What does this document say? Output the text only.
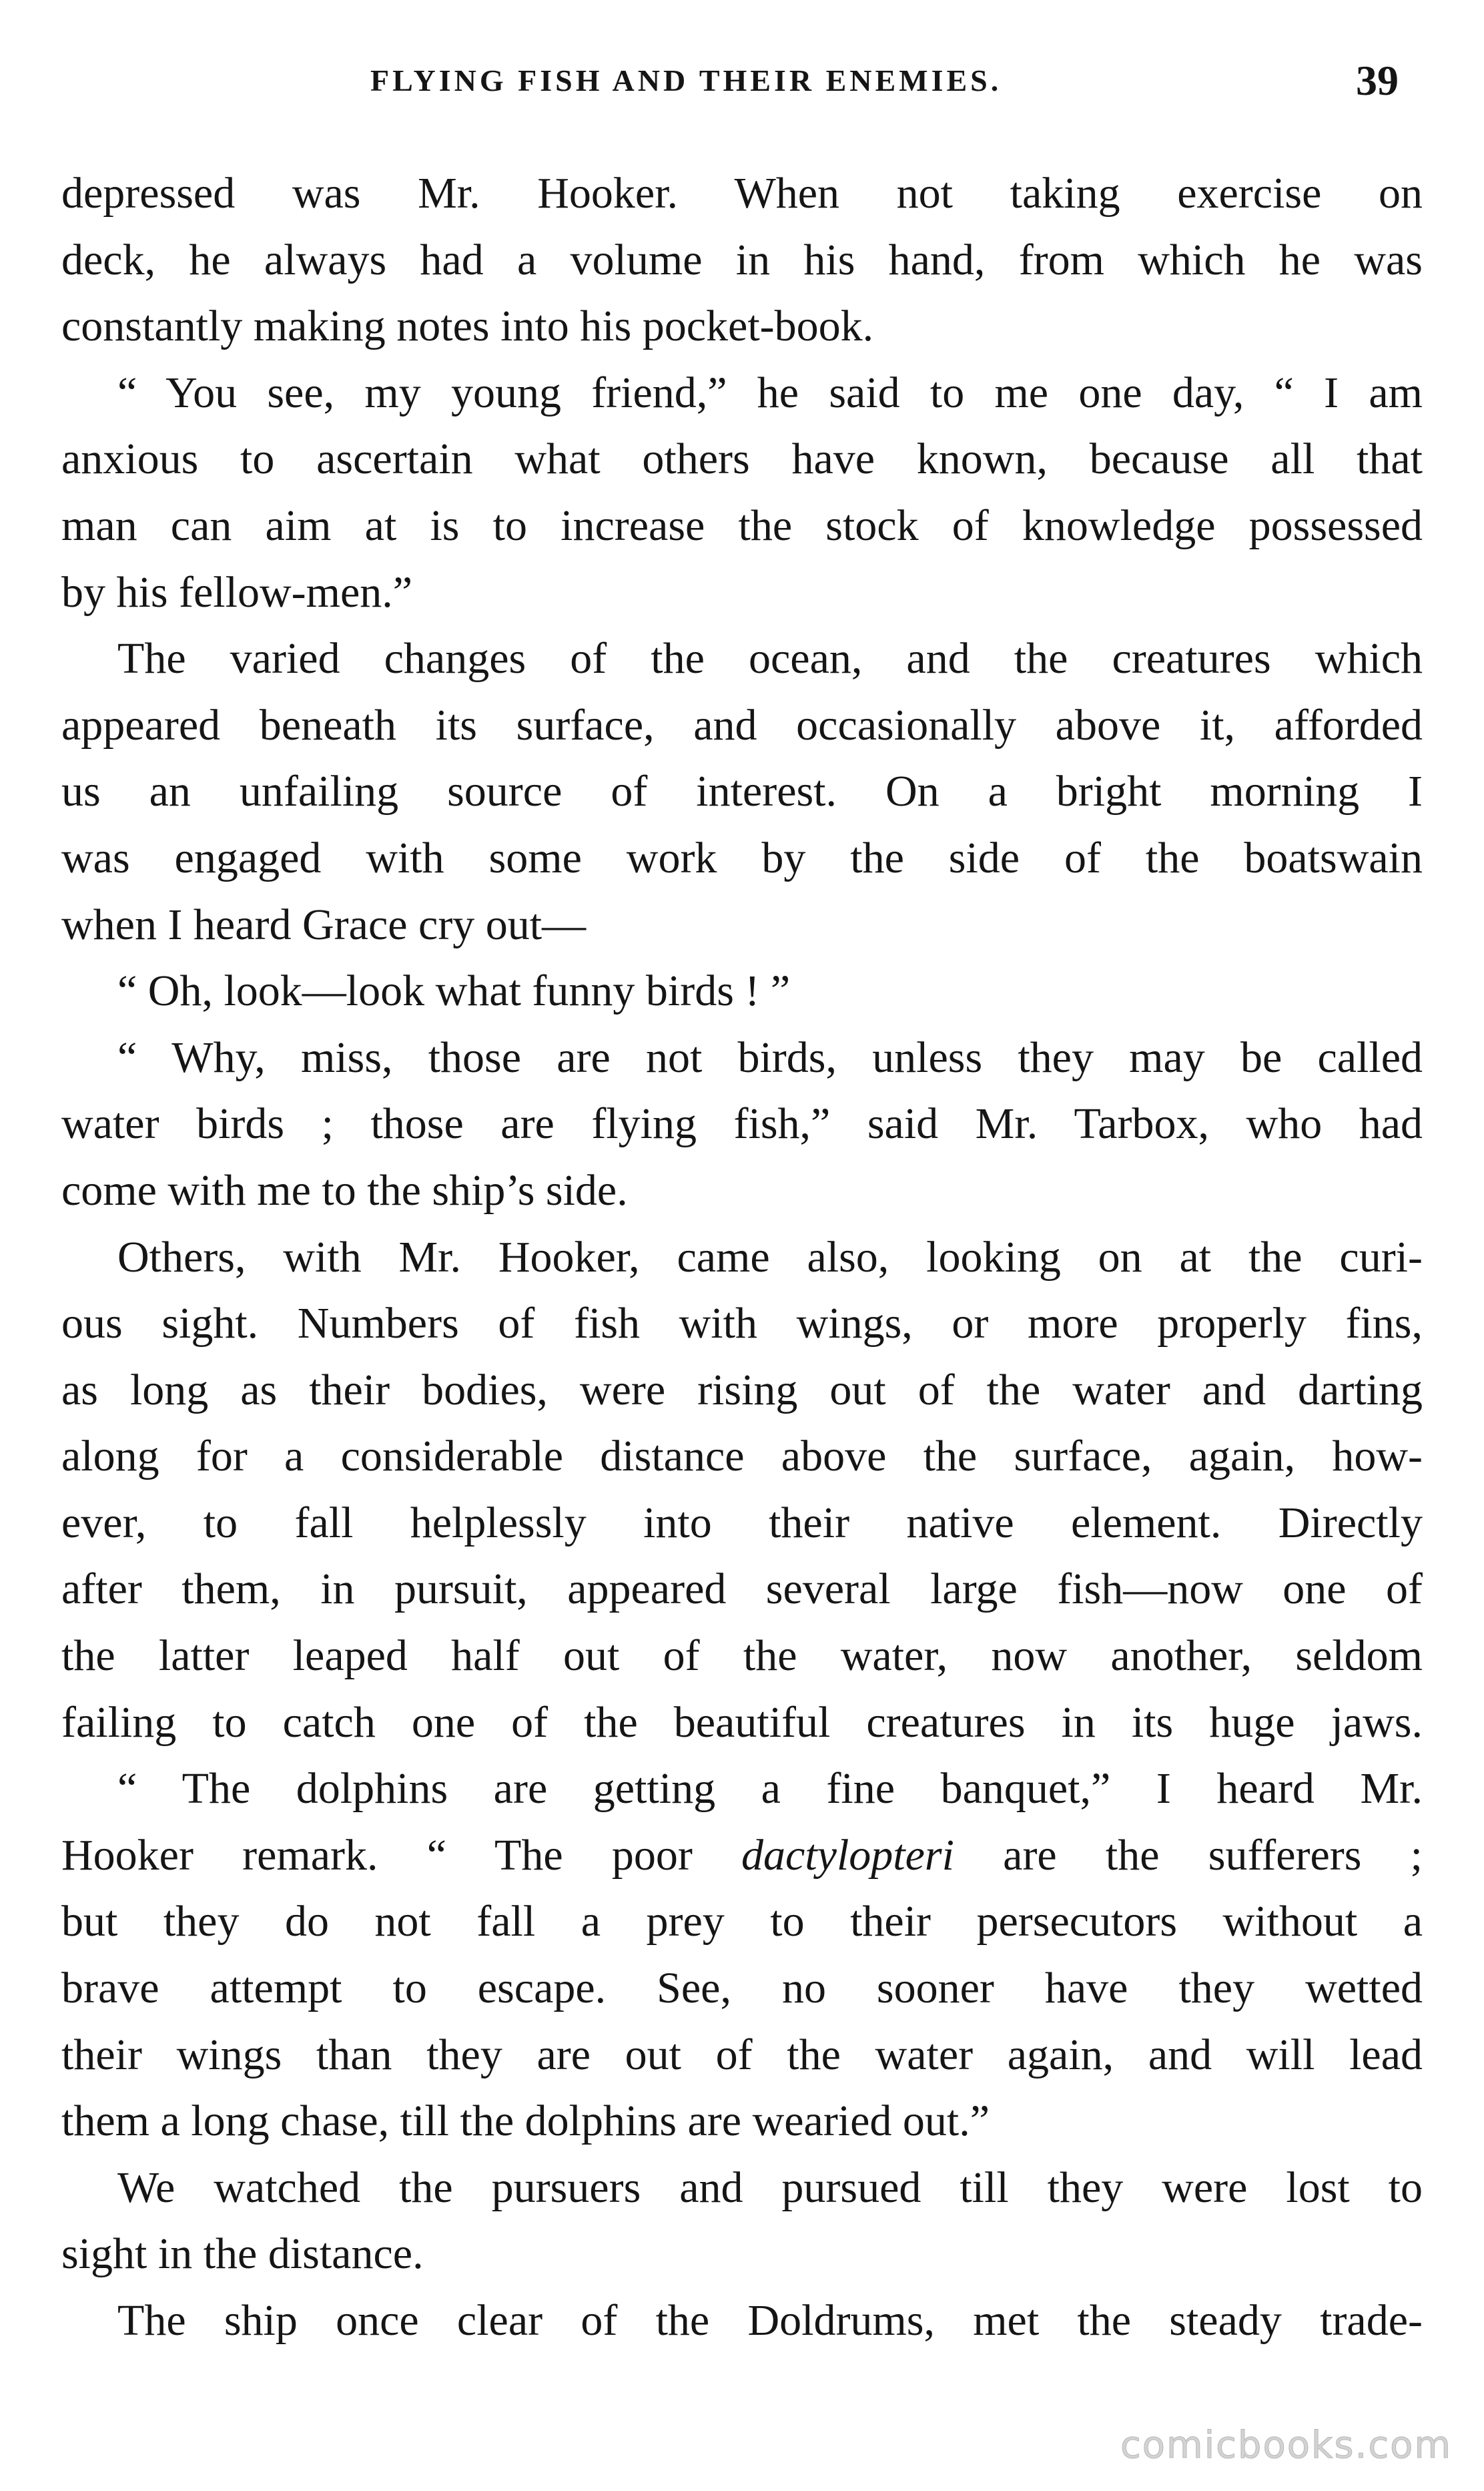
FLYING FISH AND THEIR ENEMIES.	39
depressed was Mr. Hooker. When not taking exercise on
deck, he always had a volume in his hand, from which he was
constantly making notes into his pocket-book.
“ You see, my young friend,” he said to me one day, “ I am
anxious to ascertain what others have known, because all that
man can aim at is to increase the stock of knowledge possessed
by his fellow-men.”
The varied changes of the ocean, and the creatures which
appeared beneath its surface, and occasionally above it, afforded
us an unfailing source of interest. On a bright morning I
was engaged with some work by the side of the boatswain
when I heard Grace cry out—
“ Oh, look—look what funny birds ! ”
“ Why, miss, those are not birds, unless they may be called
water birds ; those are flying fish,” said Mr. Tarbox, who had
come with me to the ship’s side.
Others, with Mr. Hooker, came also, looking on at the curi-
ous sight. Numbers of fish with wings, or more properly fins,
as long as their bodies, were rising out of the water and darting
along for a considerable distance above the surface, again, how-
ever, to fall helplessly into their native element. Directly
after them, in pursuit, appeared several large fish—now one of
the latter leaped half out of the water, now another, seldom
failing to catch one of the beautiful creatures in its huge jaws.
“ The dolphins are getting a fine banquet,” I heard Mr.
Hooker remark. “ The poor dactylopteri are the sufferers ;
but they do not fall a prey to their persecutors without a
brave attempt to escape. See, no sooner have they wetted
their wings than they are out of the water again, and will lead
them a long chase, till the dolphins are wearied out.”
We watched the pursuers and pursued till they were lost to
sight in the distance.
The ship once clear of the Doldrums, met the steady trade-
comicbooks.com
